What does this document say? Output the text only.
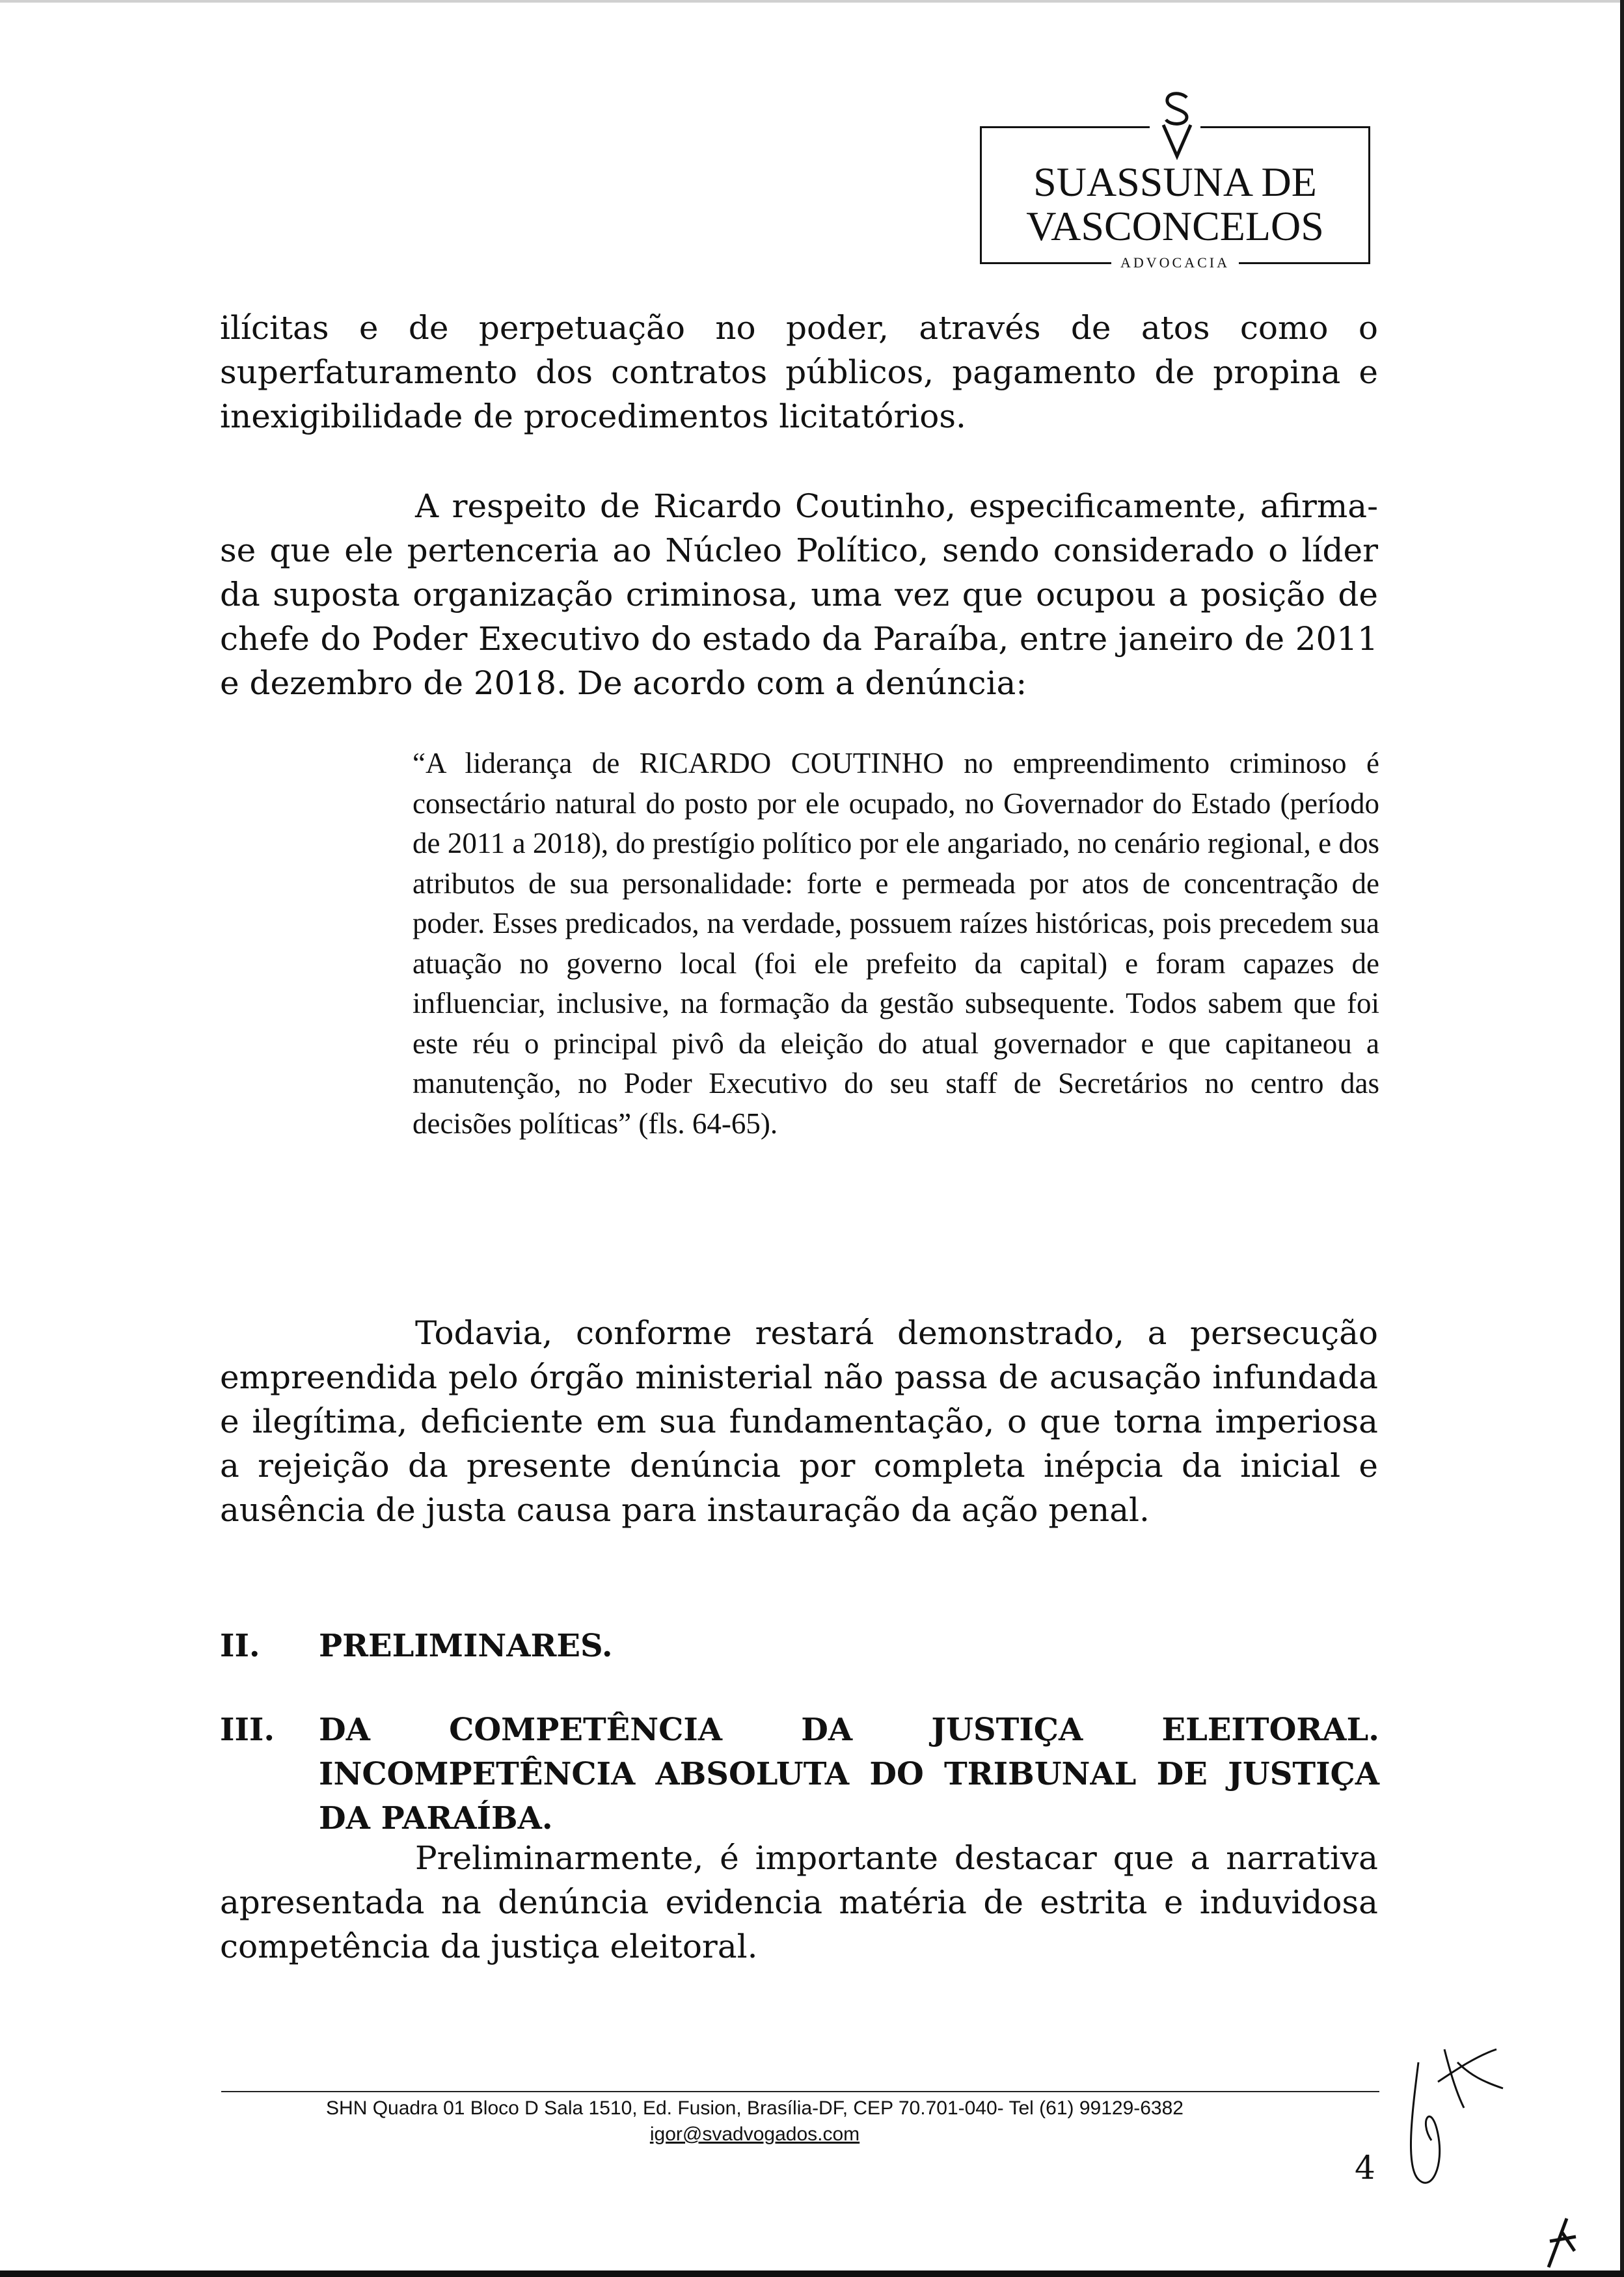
SUASSUNA DE
VASCONCELOS
ADVOCACIA

ilícitas e de perpetuação no poder, através de atos como o superfaturamento dos contratos públicos, pagamento de propina e inexigibilidade de procedimentos licitatórios.

A respeito de Ricardo Coutinho, especificamente, afirma-se que ele pertenceria ao Núcleo Político, sendo considerado o líder da suposta organização criminosa, uma vez que ocupou a posição de chefe do Poder Executivo do estado da Paraíba, entre janeiro de 2011 e dezembro de 2018. De acordo com a denúncia:

“A liderança de RICARDO COUTINHO no empreendimento criminoso é consectário natural do posto por ele ocupado, no Governador do Estado (período de 2011 a 2018), do prestígio político por ele angariado, no cenário regional, e dos atributos de sua personalidade: forte e permeada por atos de concentração de poder. Esses predicados, na verdade, possuem raízes históricas, pois precedem sua atuação no governo local (foi ele prefeito da capital) e foram capazes de influenciar, inclusive, na formação da gestão subsequente. Todos sabem que foi este réu o principal pivô da eleição do atual governador e que capitaneou a manutenção, no Poder Executivo do seu staff de Secretários no centro das decisões políticas” (fls. 64-65).

Todavia, conforme restará demonstrado, a persecução empreendida pelo órgão ministerial não passa de acusação infundada e ilegítima, deficiente em sua fundamentação, o que torna imperiosa a rejeição da presente denúncia por completa inépcia da inicial e ausência de justa causa para instauração da ação penal.

II. PRELIMINARES.
III. DA COMPETÊNCIA DA JUSTIÇA ELEITORAL. INCOMPETÊNCIA ABSOLUTA DO TRIBUNAL DE JUSTIÇA DA PARAÍBA.

Preliminarmente, é importante destacar que a narrativa apresentada na denúncia evidencia matéria de estrita e induvidosa competência da justiça eleitoral.

SHN Quadra 01 Bloco D Sala 1510, Ed. Fusion, Brasília-DF, CEP 70.701-040- Tel (61) 99129-6382
igor@svadvogados.com
4
